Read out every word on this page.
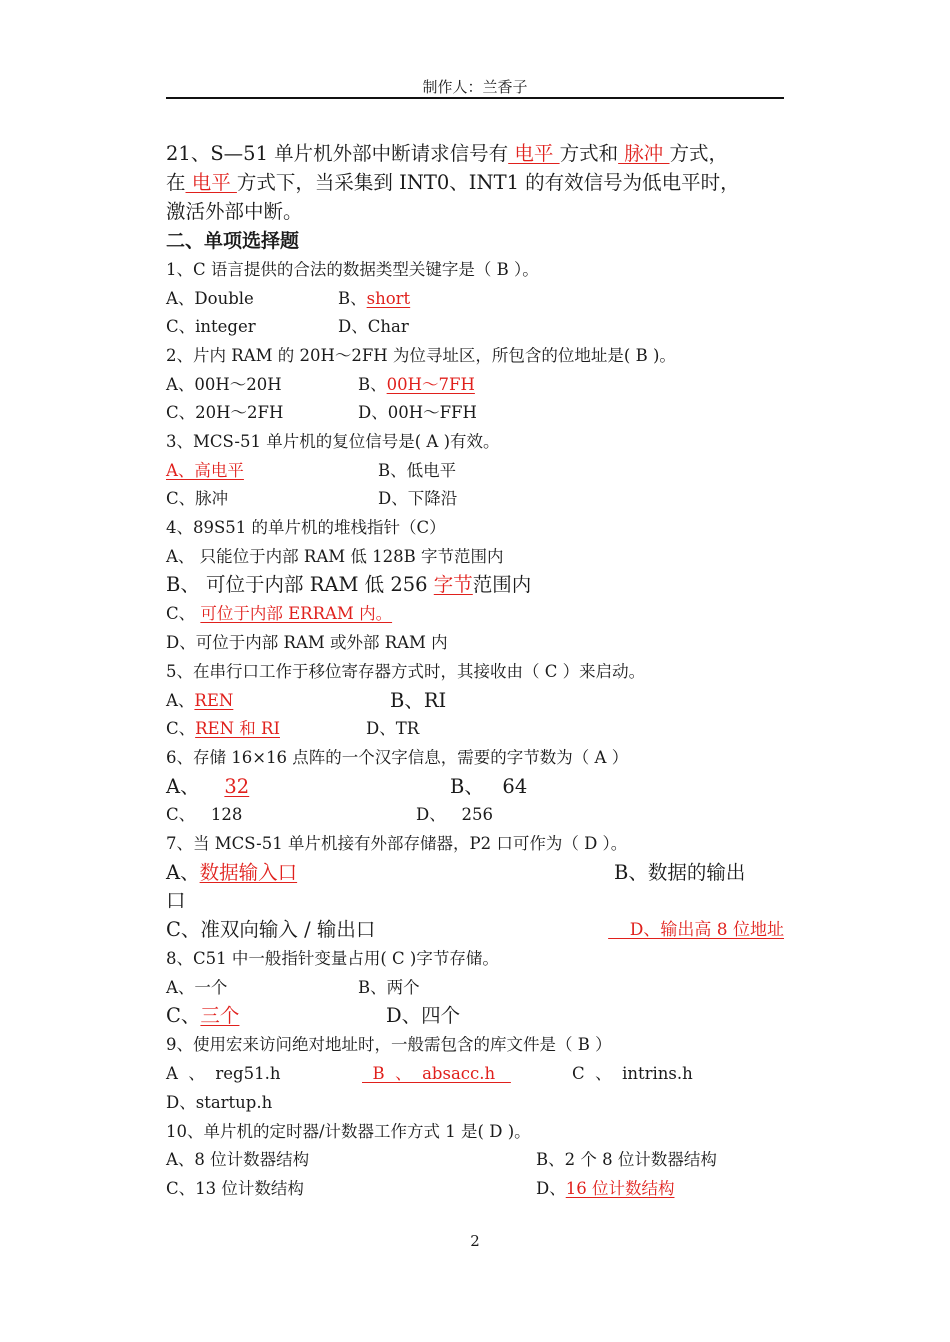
制作人：兰香子
21、S—51 单片机外部中断请求信号有 电平 方式和 脉冲 方式，
在 电平 方式下，当采集到 INT0、INT1 的有效信号为低电平时，
激活外部中断。
二、单项选择题
1、C 语言提供的合法的数据类型关键字是（ B ）。
A、Double	B、short
C、integer	D、Char
2、片内 RAM 的 20H～2FH 为位寻址区，所包含的位地址是( B )。
A、00H～20H	B、00H～7FH
C、20H～2FH	D、00H～FFH
3、MCS-51 单片机的复位信号是( A )有效。
A、高电平	B、低电平
C、脉冲	D、下降沿
4、89S51 的单片机的堆栈指针（C）
A、 只能位于内部 RAM 低 128B 字节范围内
B、 可位于内部 RAM 低 256 字节范围内
C、 可位于内部 ERRAM 内。
D、可位于内部 RAM 或外部 RAM 内
5、在串行口工作于移位寄存器方式时，其接收由（ C ）来启动。
A、REN	B、RI
C、REN 和 RI	D、TR
6、存储 16×16 点阵的一个汉字信息，需要的字节数为（ A ）
A、    32	B、   64
C、   128	D、   256
7、当 MCS-51 单片机接有外部存储器，P2 口可作为（ D ）。
A、数据输入口	B、数据的输出
口
C、准双向输入 / 输出口	D、输出高 8 位地址
8、C51 中一般指针变量占用( C )字节存储。
A、一个	B、两个
C、三个	D、四个
9、使用宏来访问绝对地址时，一般需包含的库文件是（ B ）
A  、  reg51.h	B  、  absacc.h	C  、  intrins.h
D、startup.h
10、单片机的定时器/计数器工作方式 1 是( D )。
A、8 位计数器结构	B、2 个 8 位计数器结构
C、13 位计数结构	D、16 位计数结构
2
